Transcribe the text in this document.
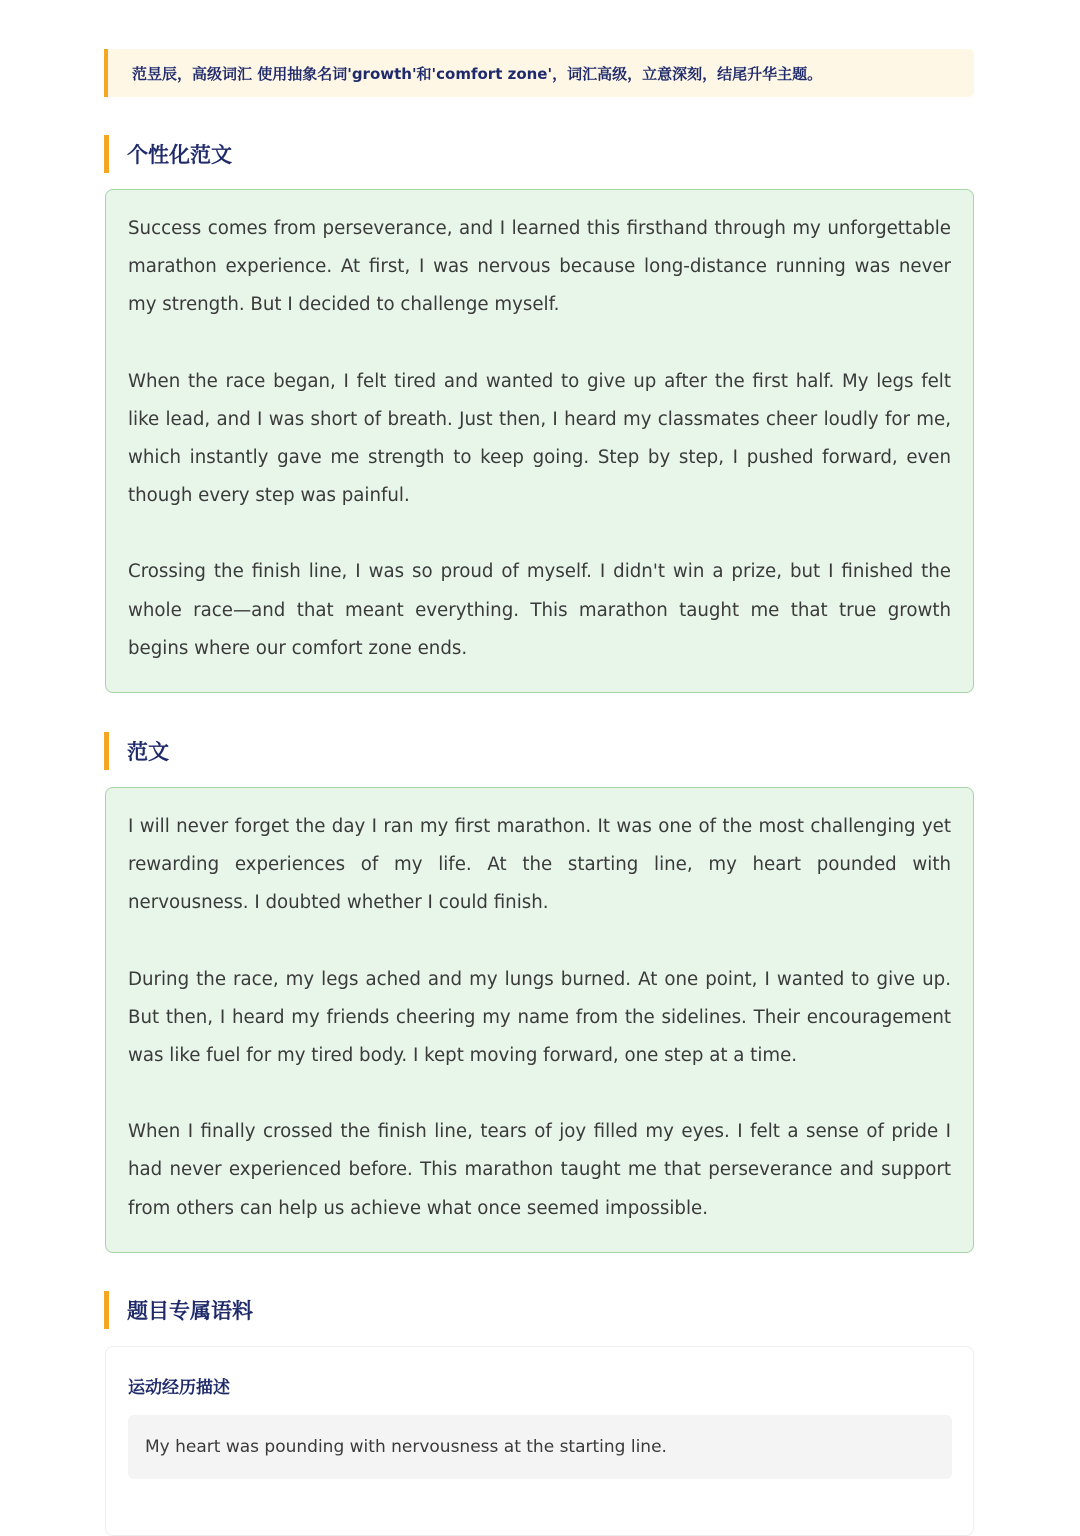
范昱辰，高级词汇 使用抽象名词'growth'和'comfort zone'，词汇高级，立意深刻，结尾升华主题。
个性化范文

Success comes from perseverance, and I learned this firsthand through my unforgettable marathon experience. At first, I was nervous because long-distance running was never my strength. But I decided to challenge myself.

When the race began, I felt tired and wanted to give up after the first half. My legs felt like lead, and I was short of breath. Just then, I heard my classmates cheer loudly for me, which instantly gave me strength to keep going. Step by step, I pushed forward, even though every step was painful.

Crossing the finish line, I was so proud of myself. I didn't win a prize, but I finished the whole race—and that meant everything. This marathon taught me that true growth begins where our comfort zone ends.

范文

I will never forget the day I ran my first marathon. It was one of the most challenging yet rewarding experiences of my life. At the starting line, my heart pounded with nervousness. I doubted whether I could finish.

During the race, my legs ached and my lungs burned. At one point, I wanted to give up. But then, I heard my friends cheering my name from the sidelines. Their encouragement was like fuel for my tired body. I kept moving forward, one step at a time.

When I finally crossed the finish line, tears of joy filled my eyes. I felt a sense of pride I had never experienced before. This marathon taught me that perseverance and support from others can help us achieve what once seemed impossible.

题目专属语料
运动经历描述
My heart was pounding with nervousness at the starting line.
